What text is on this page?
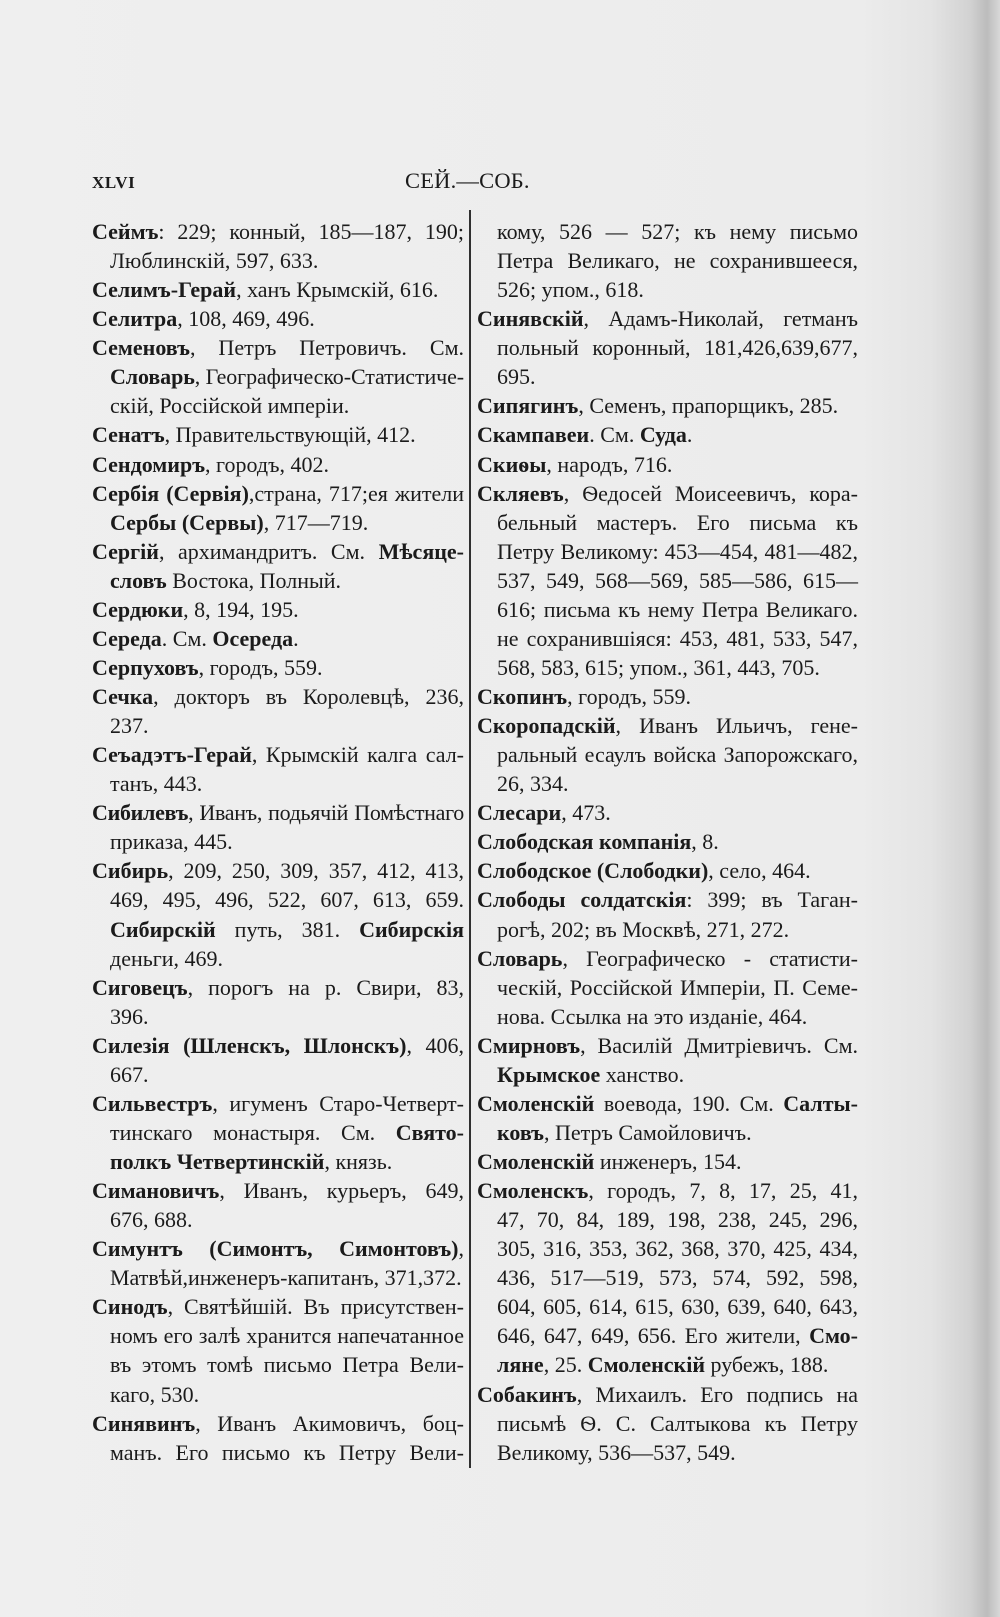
XLVI	СЕЙ.—СОБ.
Сеймъ: 229; конный, 185—187, 190;
Люблинскій, 597, 633.
Селимъ-Герай, ханъ Крымскій, 616.
Селитра, 108, 469, 496.
Семеновъ, Петръ Петровичъ. См.
Словарь, Географическо-Статистиче-
скій, Россійской имперіи.
Сенатъ, Правительствующій, 412.
Сендомиръ, городъ, 402.
Сербія (Сервія),страна, 717;ея жители
Сербы (Сервы), 717—719.
Сергій, архимандритъ. См. Мѣсяце-
словъ Востока, Полный.
Сердюки, 8, 194, 195.
Середа. См. Осереда.
Серпуховъ, городъ, 559.
Сечка, докторъ въ Королевцѣ, 236,
237.
Сеъадэтъ-Герай, Крымскій калга сал-
танъ, 443.
Сибилевъ, Иванъ, подьячій Помѣстнаго
приказа, 445.
Сибирь, 209, 250, 309, 357, 412, 413,
469, 495, 496, 522, 607, 613, 659.
Сибирскій путь, 381. Сибирскія
деньги, 469.
Сиговецъ, порогъ на р. Свири, 83,
396.
Силезія (Шленскъ, Шлонскъ), 406,
667.
Сильвестръ, игуменъ Старо-Четверт-
тинскаго монастыря. См. Свято-
полкъ Четвертинскій, князь.
Симановичъ, Иванъ, курьеръ, 649,
676, 688.
Симунтъ (Симонтъ, Симонтовъ),
Матвѣй,инженеръ-капитанъ, 371,372.
Синодъ, Святѣйшій. Въ присутствен-
номъ его залѣ хранится напечатанное
въ этомъ томѣ письмо Петра Вели-
каго, 530.
Синявинъ, Иванъ Акимовичъ, боц-
манъ. Его письмо къ Петру Вели-
кому, 526 — 527; къ нему письмо
Петра Великаго, не сохранившееся,
526; упом., 618.
Синявскій, Адамъ-Николай, гетманъ
польный коронный, 181,426,639,677,
695.
Сипягинъ, Семенъ, прапорщикъ, 285.
Скампавеи. См. Суда.
Скиѳы, народъ, 716.
Скляевъ, Ѳедосей Моисеевичъ, кора-
бельный мастеръ. Его письма къ
Петру Великому: 453—454, 481—482,
537, 549, 568—569, 585—586, 615—
616; письма къ нему Петра Великаго.
не сохранившіяся: 453, 481, 533, 547,
568, 583, 615; упом., 361, 443, 705.
Скопинъ, городъ, 559.
Скоропадскій, Иванъ Ильичъ, гене-
ральный есаулъ войска Запорожскаго,
26, 334.
Слесари, 473.
Слободская компанія, 8.
Слободское (Слободки), село, 464.
Слободы солдатскія: 399; въ Таган-
рогѣ, 202; въ Москвѣ, 271, 272.
Словарь, Географическо - статисти-
ческій, Россійской Имперіи, П. Семе-
нова. Ссылка на это изданіе, 464.
Смирновъ, Василій Дмитріевичъ. См.
Крымское ханство.
Смоленскій воевода, 190. См. Салты-
ковъ, Петръ Самойловичъ.
Смоленскій инженеръ, 154.
Смоленскъ, городъ, 7, 8, 17, 25, 41,
47, 70, 84, 189, 198, 238, 245, 296,
305, 316, 353, 362, 368, 370, 425, 434,
436, 517—519, 573, 574, 592, 598,
604, 605, 614, 615, 630, 639, 640, 643,
646, 647, 649, 656. Его жители, Смо-
ляне, 25. Смоленскій рубежъ, 188.
Собакинъ, Михаилъ. Его подпись на
письмѣ Ѳ. С. Салтыкова къ Петру
Великому, 536—537, 549.
